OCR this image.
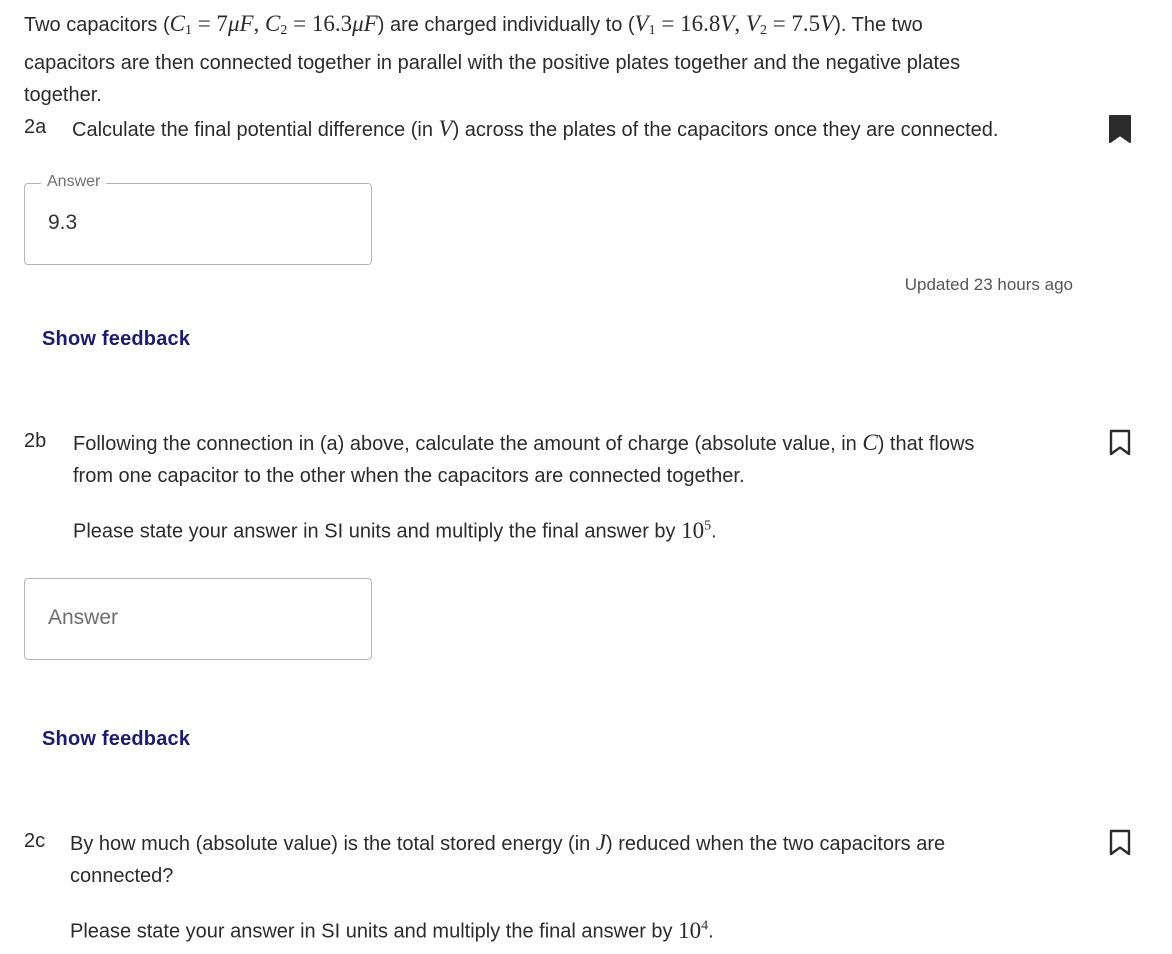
Two capacitors ($C_1 = 7\mu F$, $C_2 = 16.3\mu F$) are charged individually to ($V_1 = 16.8V$, $V_2 = 7.5V$). The two
capacitors are then connected together in parallel with the positive plates together and the negative plates
together.
2a Calculate the final potential difference (in V) across the plates of the capacitors once they are connected.
Answer
9.3
Updated 23 hours ago
Show feedback
2b Following the connection in (a) above, calculate the amount of charge (absolute value, in C) that flows

from one capacitor to the other when the capacitors are connected together.

Please state your answer in SI units and multiply the final answer by $10^5$.

Answer
Show feedback
2c By how much (absolute value) is the total stored energy (in J) reduced when the two capacitors are

connected?

Please state your answer in SI units and multiply the final answer by $10^4$.
